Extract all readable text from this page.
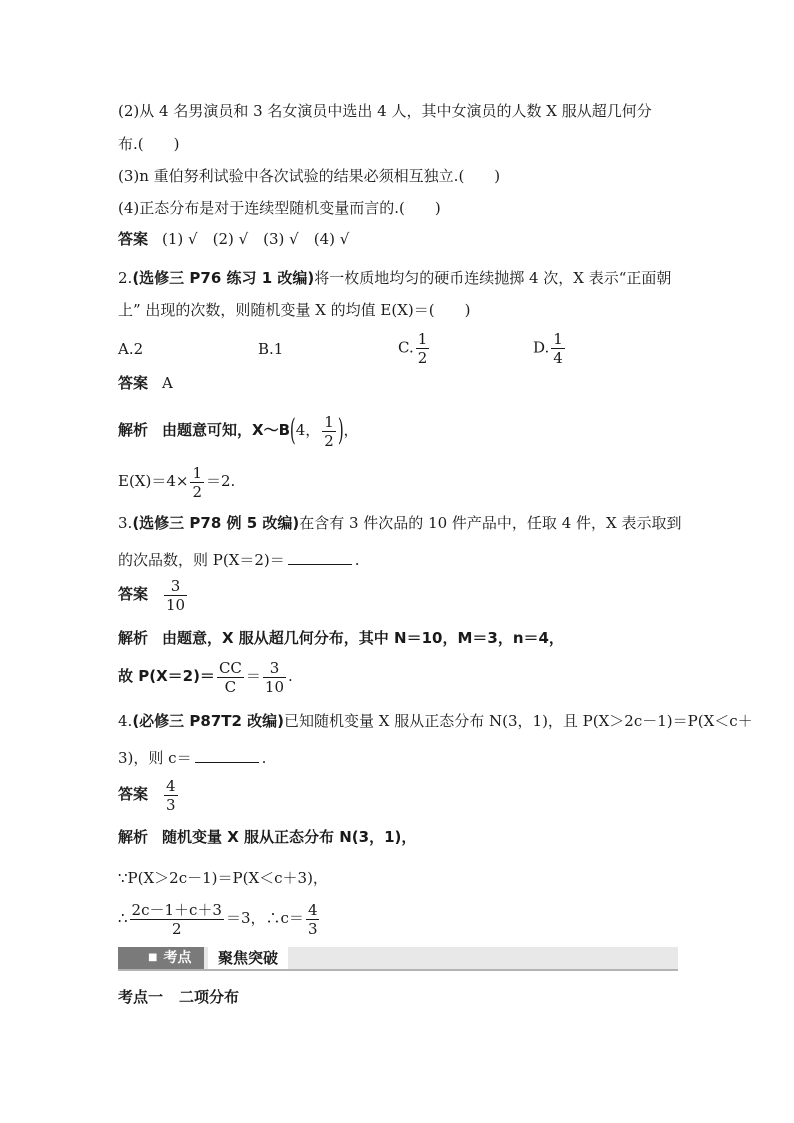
(2)从 4 名男演员和 3 名女演员中选出 4 人，其中女演员的人数 X 服从超几何分
布.(　　)
(3)n 重伯努利试验中各次试验的结果必须相互独立.(　　)
(4)正态分布是对于连续型随机变量而言的.(　　)
答案 (1) √　(2) √　(3) √　(4) √
2.(选修三 P76 练习 1 改编)将一枚质地均匀的硬币连续抛掷 4 次，X 表示“正面朝
上” 出现的次数，则随机变量 X 的均值 E(X)＝(　　)
A.2	B.1	C. $\frac{1}{2}$	D. $\frac{1}{4}$
答案 A
解析 由题意可知，X～B(4， $\frac{1}{2}$ )，
$E(X)=4\times \frac{1}{2} =2$.
3.(选修三 P78 例 5 改编)在含有 3 件次品的 10 件产品中，任取 4 件，X 表示取到
的次品数，则 P(X＝2)＝	.
答案 $\frac{3}{10}$
解析 由题意，X 服从超几何分布，其中 N＝10，M＝3，n＝4，
故 $P(X=2)= \frac{CC}{C} = \frac{3}{10}$ .
4.(必修三 P87T2 改编)已知随机变量 X 服从正态分布 N(3，1)，且 P(X＞2c－1)＝P(X＜c＋
3)，则 c＝	.
答案 $\frac{4}{3}$
解析 随机变量 X 服从正态分布 N(3，1)，
∵P(X＞2c－1)＝P(X＜c＋3)，
∴ $\frac{2c-1+c+3}{2} =3$，∴c＝ $\frac{4}{3}$
■ 考点	聚焦突破
考点一 二项分布
